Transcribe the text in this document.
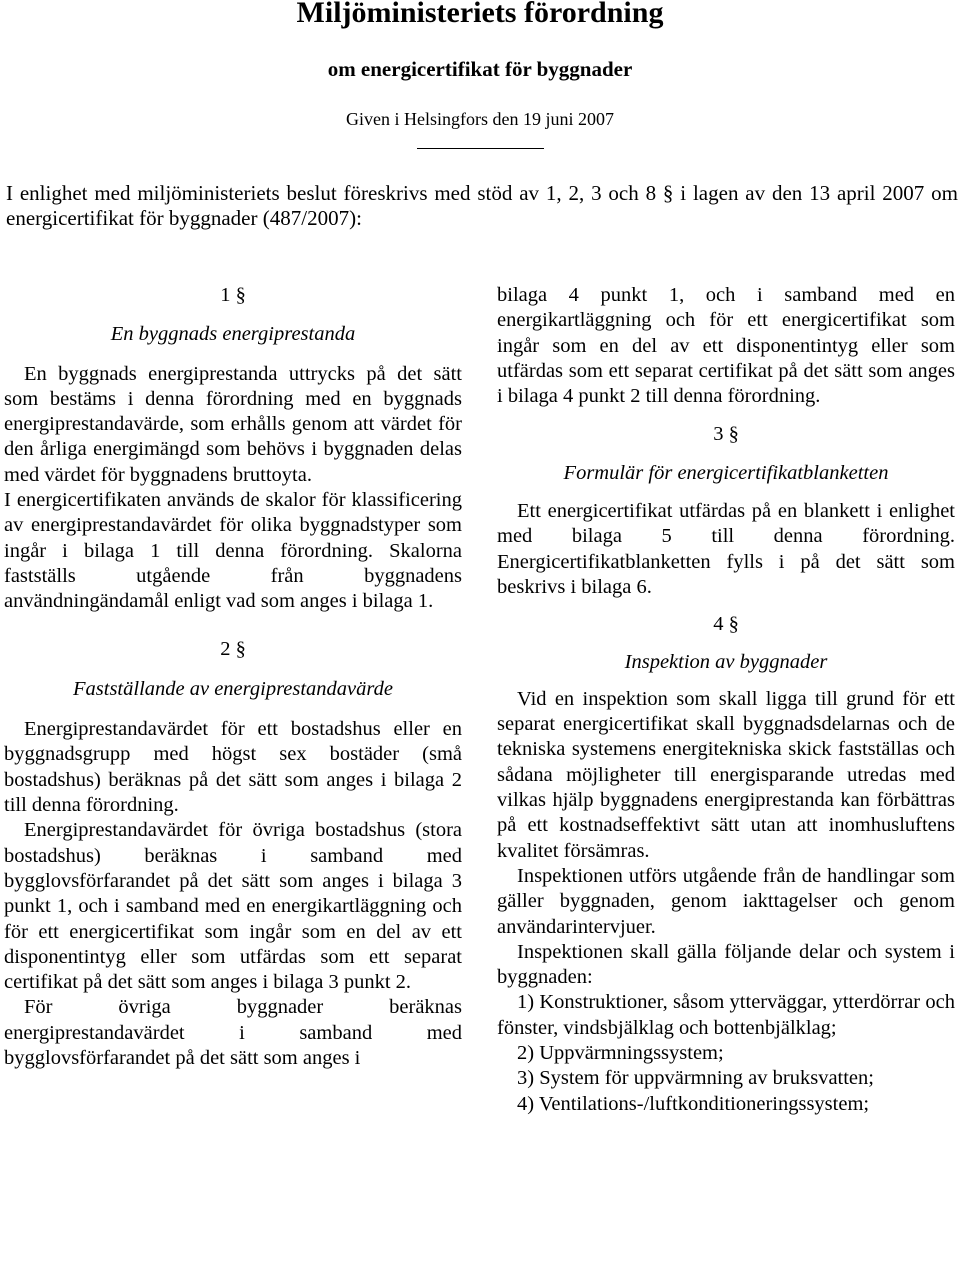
Miljöministeriets förordning
om energicertifikat för byggnader
Given i Helsingfors den 19 juni 2007

I enlighet med miljöministeriets beslut föreskrivs med stöd av 1, 2, 3 och 8 § i lagen av den 13 april 2007 om energicertifikat för byggnader (487/2007):

1 §

En byggnads energiprestanda

En byggnads energiprestanda uttrycks på det sätt som bestäms i denna förordning med en byggnads energiprestandavärde, som erhålls genom att värdet för den årliga energimängd som behövs i byggnaden delas med värdet för byggnadens bruttoyta.

I energicertifikaten används de skalor för klassificering av energiprestandavärdet för olika byggnadstyper som ingår i bilaga 1 till denna förordning. Skalorna fastställs utgående från byggnadens användningändamål enligt vad som anges i bilaga 1.

2 §

Fastställande av energiprestandavärde

Energiprestandavärdet för ett bostadshus eller en byggnadsgrupp med högst sex bostäder (små bostadshus) beräknas på det sätt som anges i bilaga 2 till denna förordning.

Energiprestandavärdet för övriga bostadshus (stora bostadshus) beräknas i samband med bygglovsförfarandet på det sätt som anges i bilaga 3 punkt 1, och i samband med en energikartläggning och för ett energicertifikat som ingår som en del av ett disponentintyg eller som utfärdas som ett separat certifikat på det sätt som anges i bilaga 3 punkt 2.

För övriga byggnader beräknas energiprestandavärdet i samband med bygglovsförfarandet på det sätt som anges i

bilaga 4 punkt 1, och i samband med en energikartläggning och för ett energicertifikat som ingår som en del av ett disponentintyg eller som utfärdas som ett separat certifikat på det sätt som anges i bilaga 4 punkt 2 till denna förordning.

3 §

Formulär för energicertifikatblanketten

Ett energicertifikat utfärdas på en blankett i enlighet med bilaga 5 till denna förordning. Energicertifikatblanketten fylls i på det sätt som beskrivs i bilaga 6.

4 §

Inspektion av byggnader

Vid en inspektion som skall ligga till grund för ett separat energicertifikat skall byggnadsdelarnas och de tekniska systemens energitekniska skick fastställas och sådana möjligheter till energisparande utredas med vilkas hjälp byggnadens energiprestanda kan förbättras på ett kostnadseffektivt sätt utan att inomhusluftens kvalitet försämras.

Inspektionen utförs utgående från de handlingar som gäller byggnaden, genom iakttagelser och genom användarintervjuer.

Inspektionen skall gälla följande delar och system i byggnaden:

1) Konstruktioner, såsom ytterväggar, ytterdörrar och fönster, vindsbjälklag och bottenbjälklag;

2) Uppvärmningssystem;

3) System för uppvärmning av bruksvatten;

4) Ventilations-/luftkonditioneringssystem;
